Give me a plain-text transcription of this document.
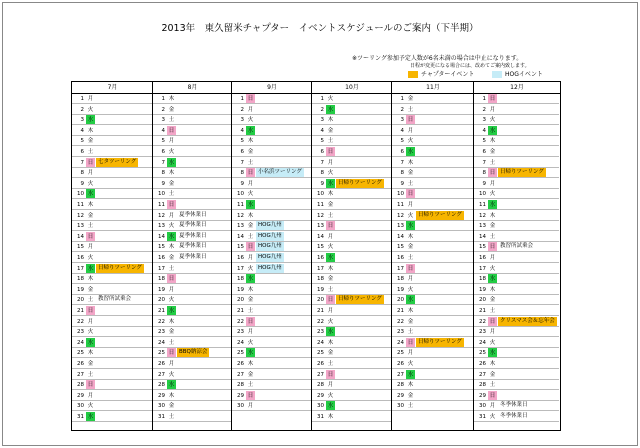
2013年　東久留米チャプター　イベントスケジュールのご案内（下半期）
※ツーリング参加予定人数が6名未満の場合は中止になります。
日程が変更になる場合には、改めてご案内致します。
チャプターイベント	HOGイベント
7月
1 月
2 火
3 水
4 木
5 金
6 土
7 日 七タツーリング
8 月
9 火
10 水
11 木
12 金
13 土
14 日
15 月
16 火
17 水 日帰りツーリング
18 木
19 金
20 土 教習所試乗会
21 日
22 月
23 火
24 水
25 木
26 金
27 土
28 日
29 月
30 火
31 水
8月
1 木
2 金
3 土
4 日
5 月
6 火
7 水
8 木
9 金
10 土
11 日
12 月 夏季休業日
13 火 夏季休業日
14 水 夏季休業日
15 木 夏季休業日
16 金 夏季休業日
17 土
18 日
19 月
20 火
21 水
22 木
23 金
24 土
25 日 BBQ納涼会
26 月
27 火
28 水
29 木
30 金
31 土
9月
1 日
2 月
3 火
4 水
5 木
6 金
7 土
8 日 小名浜ツーリング
9 月
10 火
11 水
12 木
13 金 HOG九州
14 土 HOG九州
15 日 HOG九州
16 月 HOG九州
17 火 HOG九州
18 水
19 木
20 金
21 土
22 日
23 月
24 火
25 水
26 木
27 金
28 土
29 日
30 月
10月
1 火
2 水
3 木
4 金
5 土
6 日
7 月
8 火
9 水 日帰りツーリング
10 木
11 金
12 土
13 日
14 月
15 火
16 水
17 木
18 金
19 土
20 日 日帰りツーリング
21 月
22 火
23 水
24 木
25 金
26 土
27 日
28 月
29 火
30 水
31 木
11月
1 金
2 土
3 日
4 月
5 火
6 水
7 木
8 金
9 土
10 日
11 月
12 火 日帰りツーリング
13 水
14 木
15 金
16 土
17 日
18 月
19 火
20 水
21 木
22 金
23 土
24 日 日帰りツーリング
25 月
26 火
27 水
28 木
29 金
30 土
12月
1 日
2 月
3 火
4 水
5 木
6 金
7 土
8 日 日帰りツーリング
9 月
10 火
11 水
12 木
13 金
14 土
15 日 教習所試乗会
16 月
17 火
18 水
19 木
20 金
21 土
22 日 クリスマス会＆忘年会
23 月
24 火
25 水
26 木
27 金
28 土
29 日
30 月 冬季休業日
31 火 冬季休業日
